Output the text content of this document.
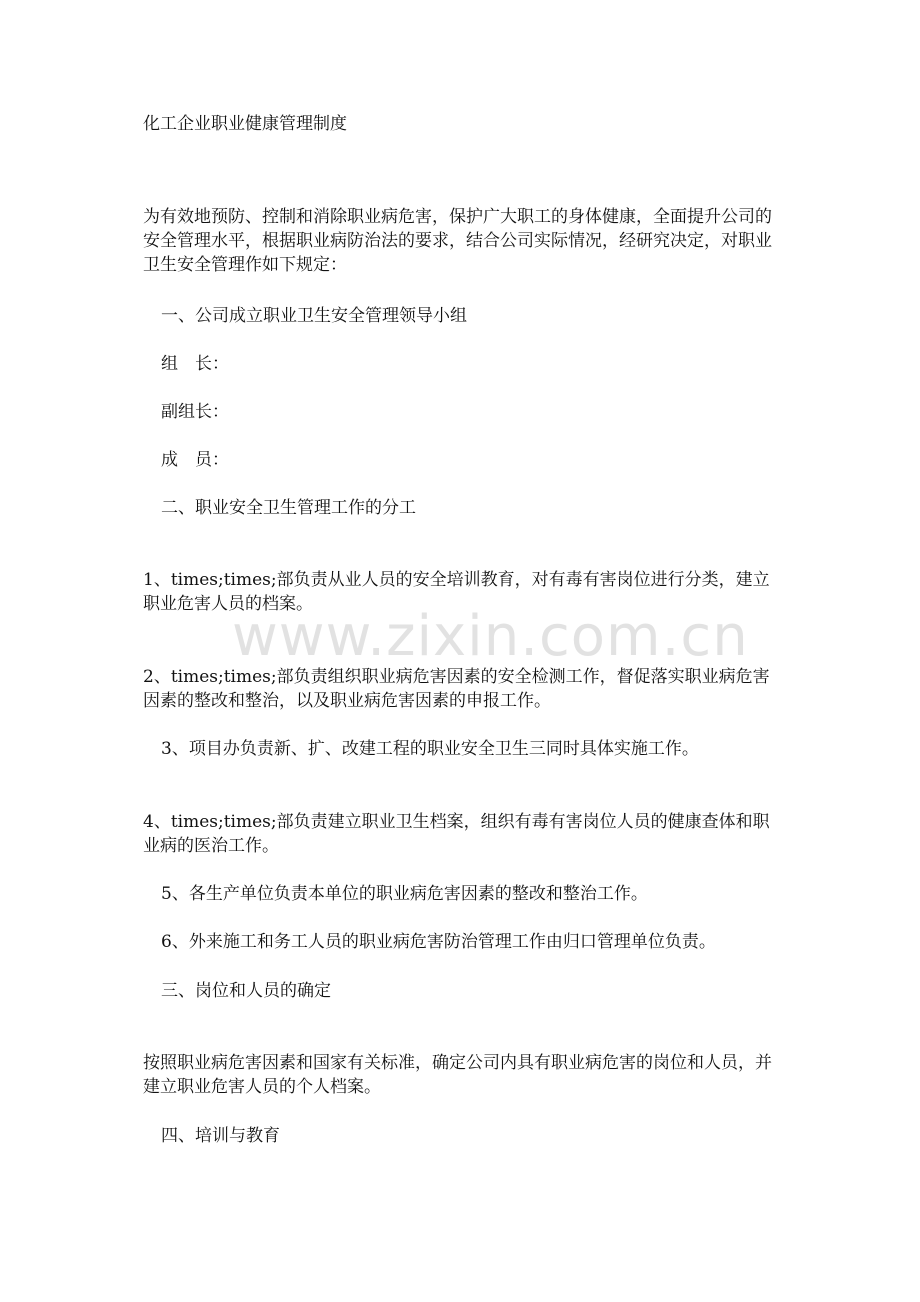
化工企业职业健康管理制度
为有效地预防、控制和消除职业病危害，保护广大职工的身体健康，全面提升公司的安全管理水平，根据职业病防治法的要求，结合公司实际情况，经研究决定，对职业卫生安全管理作如下规定：
一、公司成立职业卫生安全管理领导小组
组　长：
副组长：
成　员：
二、职业安全卫生管理工作的分工
1、times;times;部负责从业人员的安全培训教育，对有毒有害岗位进行分类，建立职业危害人员的档案。
2、times;times;部负责组织职业病危害因素的安全检测工作，督促落实职业病危害因素的整改和整治，以及职业病危害因素的申报工作。
3、项目办负责新、扩、改建工程的职业安全卫生三同时具体实施工作。
4、times;times;部负责建立职业卫生档案，组织有毒有害岗位人员的健康查体和职业病的医治工作。
5、各生产单位负责本单位的职业病危害因素的整改和整治工作。
6、外来施工和务工人员的职业病危害防治管理工作由归口管理单位负责。
三、岗位和人员的确定
按照职业病危害因素和国家有关标准，确定公司内具有职业病危害的岗位和人员，并建立职业危害人员的个人档案。
四、培训与教育
www.zixin.com.cn
